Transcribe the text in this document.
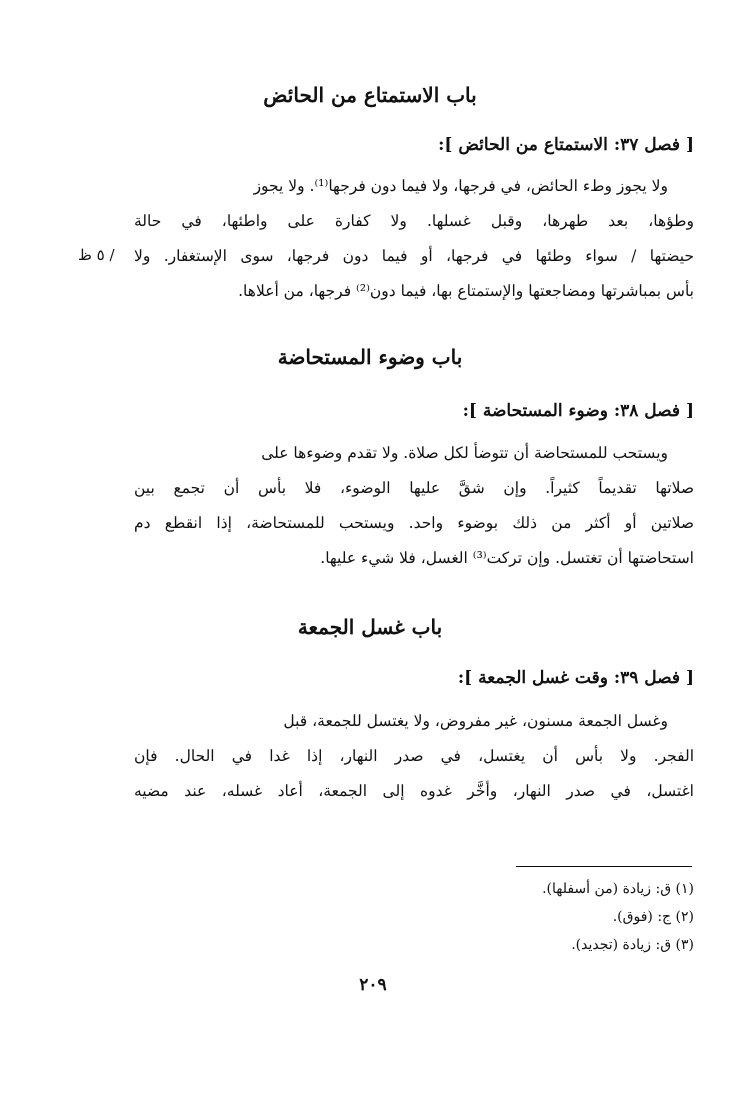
باب الاستمتاع من الحائض
[ فصل ٣٧: الاستمتاع من الحائض ]:

ولا يجوز وطء الحائض، في فرجها، ولا فيما دون فرجها⁽¹⁾. ولا يجوز

وطؤها، بعد طهرها، وقبل غسلها. ولا كفارة على واطئها، في حالة

حيضتها / سواء وطئها في فرجها، أو فيما دون فرجها، سوى الإستغفار. ولا

بأس بمباشرتها ومضاجعتها والإستمتاع بها، فيما دون⁽²⁾ فرجها، من أعلاها.

/ ٥ ظ
باب وضوء المستحاضة
[ فصل ٣٨: وضوء المستحاضة ]:

ويستحب للمستحاضة أن تتوضأ لكل صلاة. ولا تقدم وضوءها على

صلاتها تقديماً كثيراً. وإن شقَّ عليها الوضوء، فلا بأس أن تجمع بين

صلاتين أو أكثر من ذلك بوضوء واحد. ويستحب للمستحاضة، إذا انقطع دم

استحاضتها أن تغتسل. وإن تركت⁽³⁾ الغسل، فلا شيء عليها.

باب غسل الجمعة
[ فصل ٣٩: وقت غسل الجمعة ]:

وغسل الجمعة مسنون، غير مفروض، ولا يغتسل للجمعة، قبل

الفجر. ولا بأس أن يغتسل، في صدر النهار، إذا غدا في الحال. فإن

اغتسل، في صدر النهار، وأخَّر غدوه إلى الجمعة، أعاد غسله، عند مضيه

(١) ق: زيادة (من أسفلها).

(٢) ج: (فوق).

(٣) ق: زيادة (تجديد).

٢٠٩
